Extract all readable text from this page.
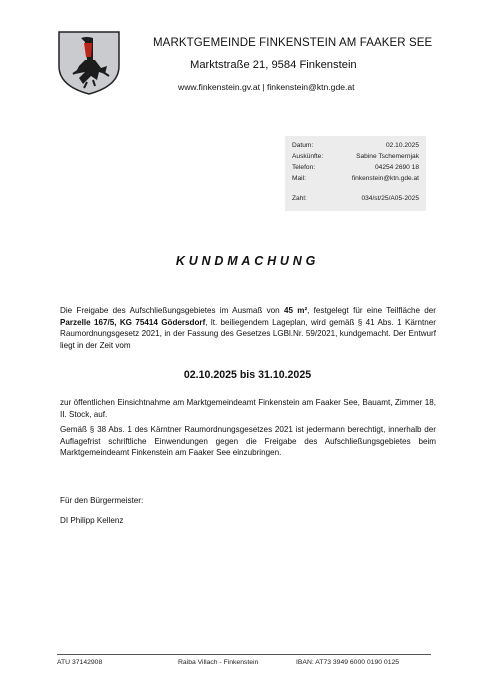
MARKTGEMEINDE FINKENSTEIN AM FAAKER SEE
Marktstraße 21, 9584 Finkenstein
www.finkenstein.gv.at | finkenstein@ktn.gde.at
Datum:	02.10.2025
Auskünfte:	Sabine Tschemernjak
Telefon:	04254 2690 18
Mail:	finkenstein@ktn.gde.at
Zahl:	034/st/25/A05-2025
KUNDMACHUNG
Die Freigabe des Aufschließungsgebietes im Ausmaß von 45 m², festgelegt für eine Teilfläche der Parzelle 167/5, KG 75414 Gödersdorf, lt. beiliegendem Lageplan, wird gemäß § 41 Abs. 1 Kärntner Raumordnungsgesetz 2021, in der Fassung des Gesetzes LGBl.Nr. 59/2021, kundgemacht. Der Entwurf liegt in der Zeit vom
02.10.2025 bis 31.10.2025
zur öffentlichen Einsichtnahme am Marktgemeindeamt Finkenstein am Faaker See, Bauamt, Zimmer 18, II. Stock, auf.
Gemäß § 38 Abs. 1 des Kärntner Raumordnungsgesetzes 2021 ist jedermann berechtigt, innerhalb der Auflagefrist schriftliche Einwendungen gegen die Freigabe des Aufschließungsgebietes beim Marktgemeindeamt Finkenstein am Faaker See einzubringen.
Für den Bürgermeister:
DI Philipp Kellenz
ATU 37142908	Raiba Villach - Finkenstein	IBAN: AT73 3949 6000 0190 0125
